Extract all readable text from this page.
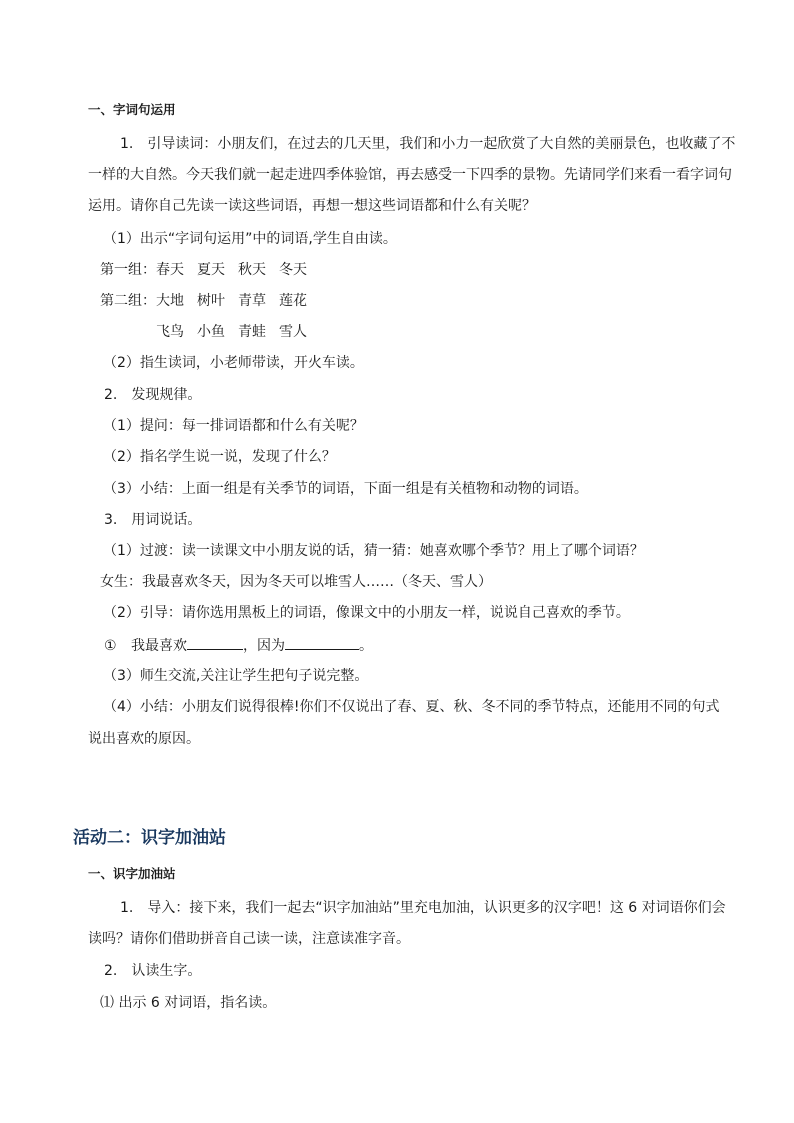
一、字词句运用
1.　引导读词：小朋友们，在过去的几天里，我们和小力一起欣赏了大自然的美丽景色，也收藏了不
一样的大自然。今天我们就一起走进四季体验馆，再去感受一下四季的景物。先请同学们来看一看字词句
运用。请你自己先读一读这些词语，再想一想这些词语都和什么有关呢？
（1）出示“字词句运用”中的词语,学生自由读。
第一组：春天 夏天 秋天 冬天
第二组：大地 树叶 青草 莲花
飞鸟 小鱼 青蛙 雪人
（2）指生读词，小老师带读，开火车读。
2.　发现规律。
（1）提问：每一排词语都和什么有关呢？
（2）指名学生说一说，发现了什么？
（3）小结：上面一组是有关季节的词语，下面一组是有关植物和动物的词语。
3.　用词说话。
（1）过渡：读一读课文中小朋友说的话，猜一猜：她喜欢哪个季节？用上了哪个词语？
女生：我最喜欢冬天，因为冬天可以堆雪人……（冬天、雪人）
（2）引导：请你选用黑板上的词语，像课文中的小朋友一样，说说自己喜欢的季节。
① 我最喜欢	，因为	。
（3）师生交流,关注让学生把句子说完整。
（4）小结：小朋友们说得很棒!你们不仅说出了春、夏、秋、冬不同的季节特点，还能用不同的句式
说出喜欢的原因。
活动二：识字加油站
一、识字加油站
1.　导入：接下来，我们一起去“识字加油站”里充电加油，认识更多的汉字吧！这 6 对词语你们会
读吗？请你们借助拼音自己读一读，注意读准字音。
2.　认读生字。
⑴ 出示 6 对词语，指名读。
